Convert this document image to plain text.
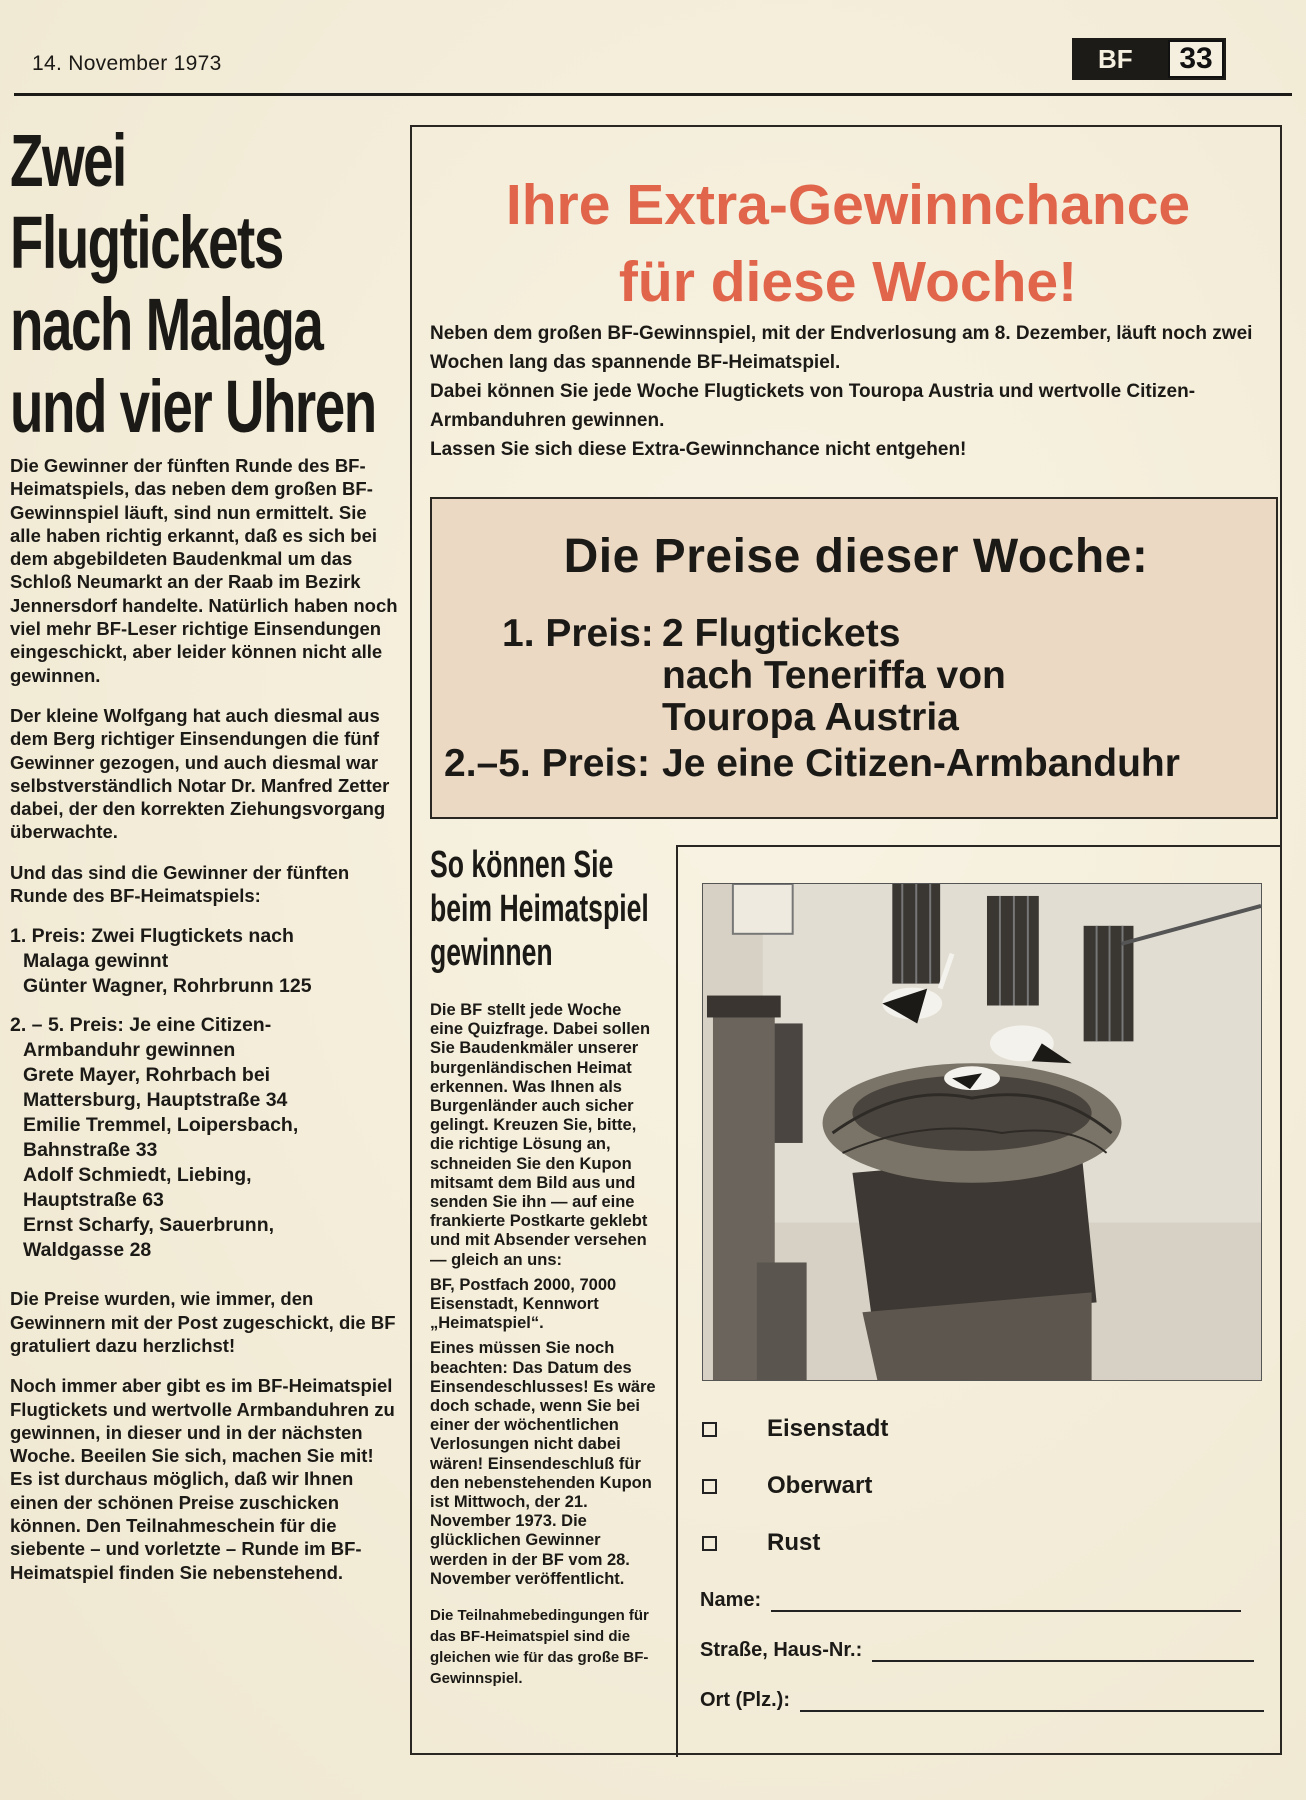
14. November 1973	BF	33
Zwei
Flugtickets
nach Malaga
und vier Uhren

Die Gewinner der fünften Runde des BF-Heimatspiels, das neben dem großen BF-Gewinnspiel läuft, sind nun ermittelt. Sie alle haben richtig erkannt, daß es sich bei dem abgebildeten Baudenkmal um das Schloß Neumarkt an der Raab im Bezirk Jennersdorf handelte. Natürlich haben noch viel mehr BF-Leser richtige Einsendungen eingeschickt, aber leider können nicht alle gewinnen.

Der kleine Wolfgang hat auch diesmal aus dem Berg richtiger Einsendungen die fünf Gewinner gezogen, und auch diesmal war selbstverständlich Notar Dr. Manfred Zetter dabei, der den korrekten Ziehungsvorgang überwachte.

Und das sind die Gewinner der fünften Runde des BF-Heimatspiels:

1. Preis: Zwei Flugtickets nach
Malaga gewinnt
Günter Wagner, Rohrbrunn 125
2. – 5. Preis: Je eine Citizen-
Armbanduhr gewinnen
Grete Mayer, Rohrbach bei
Mattersburg, Hauptstraße 34
Emilie Tremmel, Loipersbach,
Bahnstraße 33
Adolf Schmiedt, Liebing,
Hauptstraße 63
Ernst Scharfy, Sauerbrunn,
Waldgasse 28

Die Preise wurden, wie immer, den Gewinnern mit der Post zugeschickt, die BF gratuliert dazu herzlichst!

Noch immer aber gibt es im BF-Heimatspiel Flugtickets und wertvolle Armbanduhren zu gewinnen, in dieser und in der nächsten Woche. Beeilen Sie sich, machen Sie mit! Es ist durchaus möglich, daß wir Ihnen einen der schönen Preise zuschicken können. Den Teilnahmeschein für die siebente – und vorletzte – Runde im BF-Heimatspiel finden Sie nebenstehend.

Ihre Extra-Gewinnchance
für diese Woche!

Neben dem großen BF-Gewinnspiel, mit der Endverlosung am 8. Dezember, läuft noch zwei Wochen lang das spannende BF-Heimatspiel.

Dabei können Sie jede Woche Flugtickets von Touropa Austria und wertvolle Citizen-Armbanduhren gewinnen.

Lassen Sie sich diese Extra-Gewinnchance nicht entgehen!

Die Preise dieser Woche:
1. Preis: 2 Flugtickets
nach Teneriffa von
Touropa Austria
2.–5. Preis: Je eine Citizen-Armbanduhr
So können Sie
beim Heimatspiel
gewinnen

Die BF stellt jede Woche eine Quizfrage. Dabei sollen Sie Baudenkmäler unserer burgenländischen Heimat erkennen. Was Ihnen als Burgenländer auch sicher gelingt. Kreuzen Sie, bitte, die richtige Lösung an, schneiden Sie den Kupon mitsamt dem Bild aus und senden Sie ihn — auf eine frankierte Postkarte geklebt und mit Absender versehen — gleich an uns:

BF, Postfach 2000, 7000 Eisenstadt, Kennwort „Heimatspiel“.

Eines müssen Sie noch beachten: Das Datum des Einsendeschlusses! Es wäre doch schade, wenn Sie bei einer der wöchentlichen Verlosungen nicht dabei wären! Einsendeschluß für den nebenstehenden Kupon ist Mittwoch, der 21. November 1973. Die glücklichen Gewinner werden in der BF vom 28. November veröffentlicht.

Die Teilnahmebedingungen für das BF-Heimatspiel sind die gleichen wie für das große BF-Gewinnspiel.
Eisenstadt
Oberwart
Rust
Name:
Straße, Haus-Nr.:
Ort (Plz.):
